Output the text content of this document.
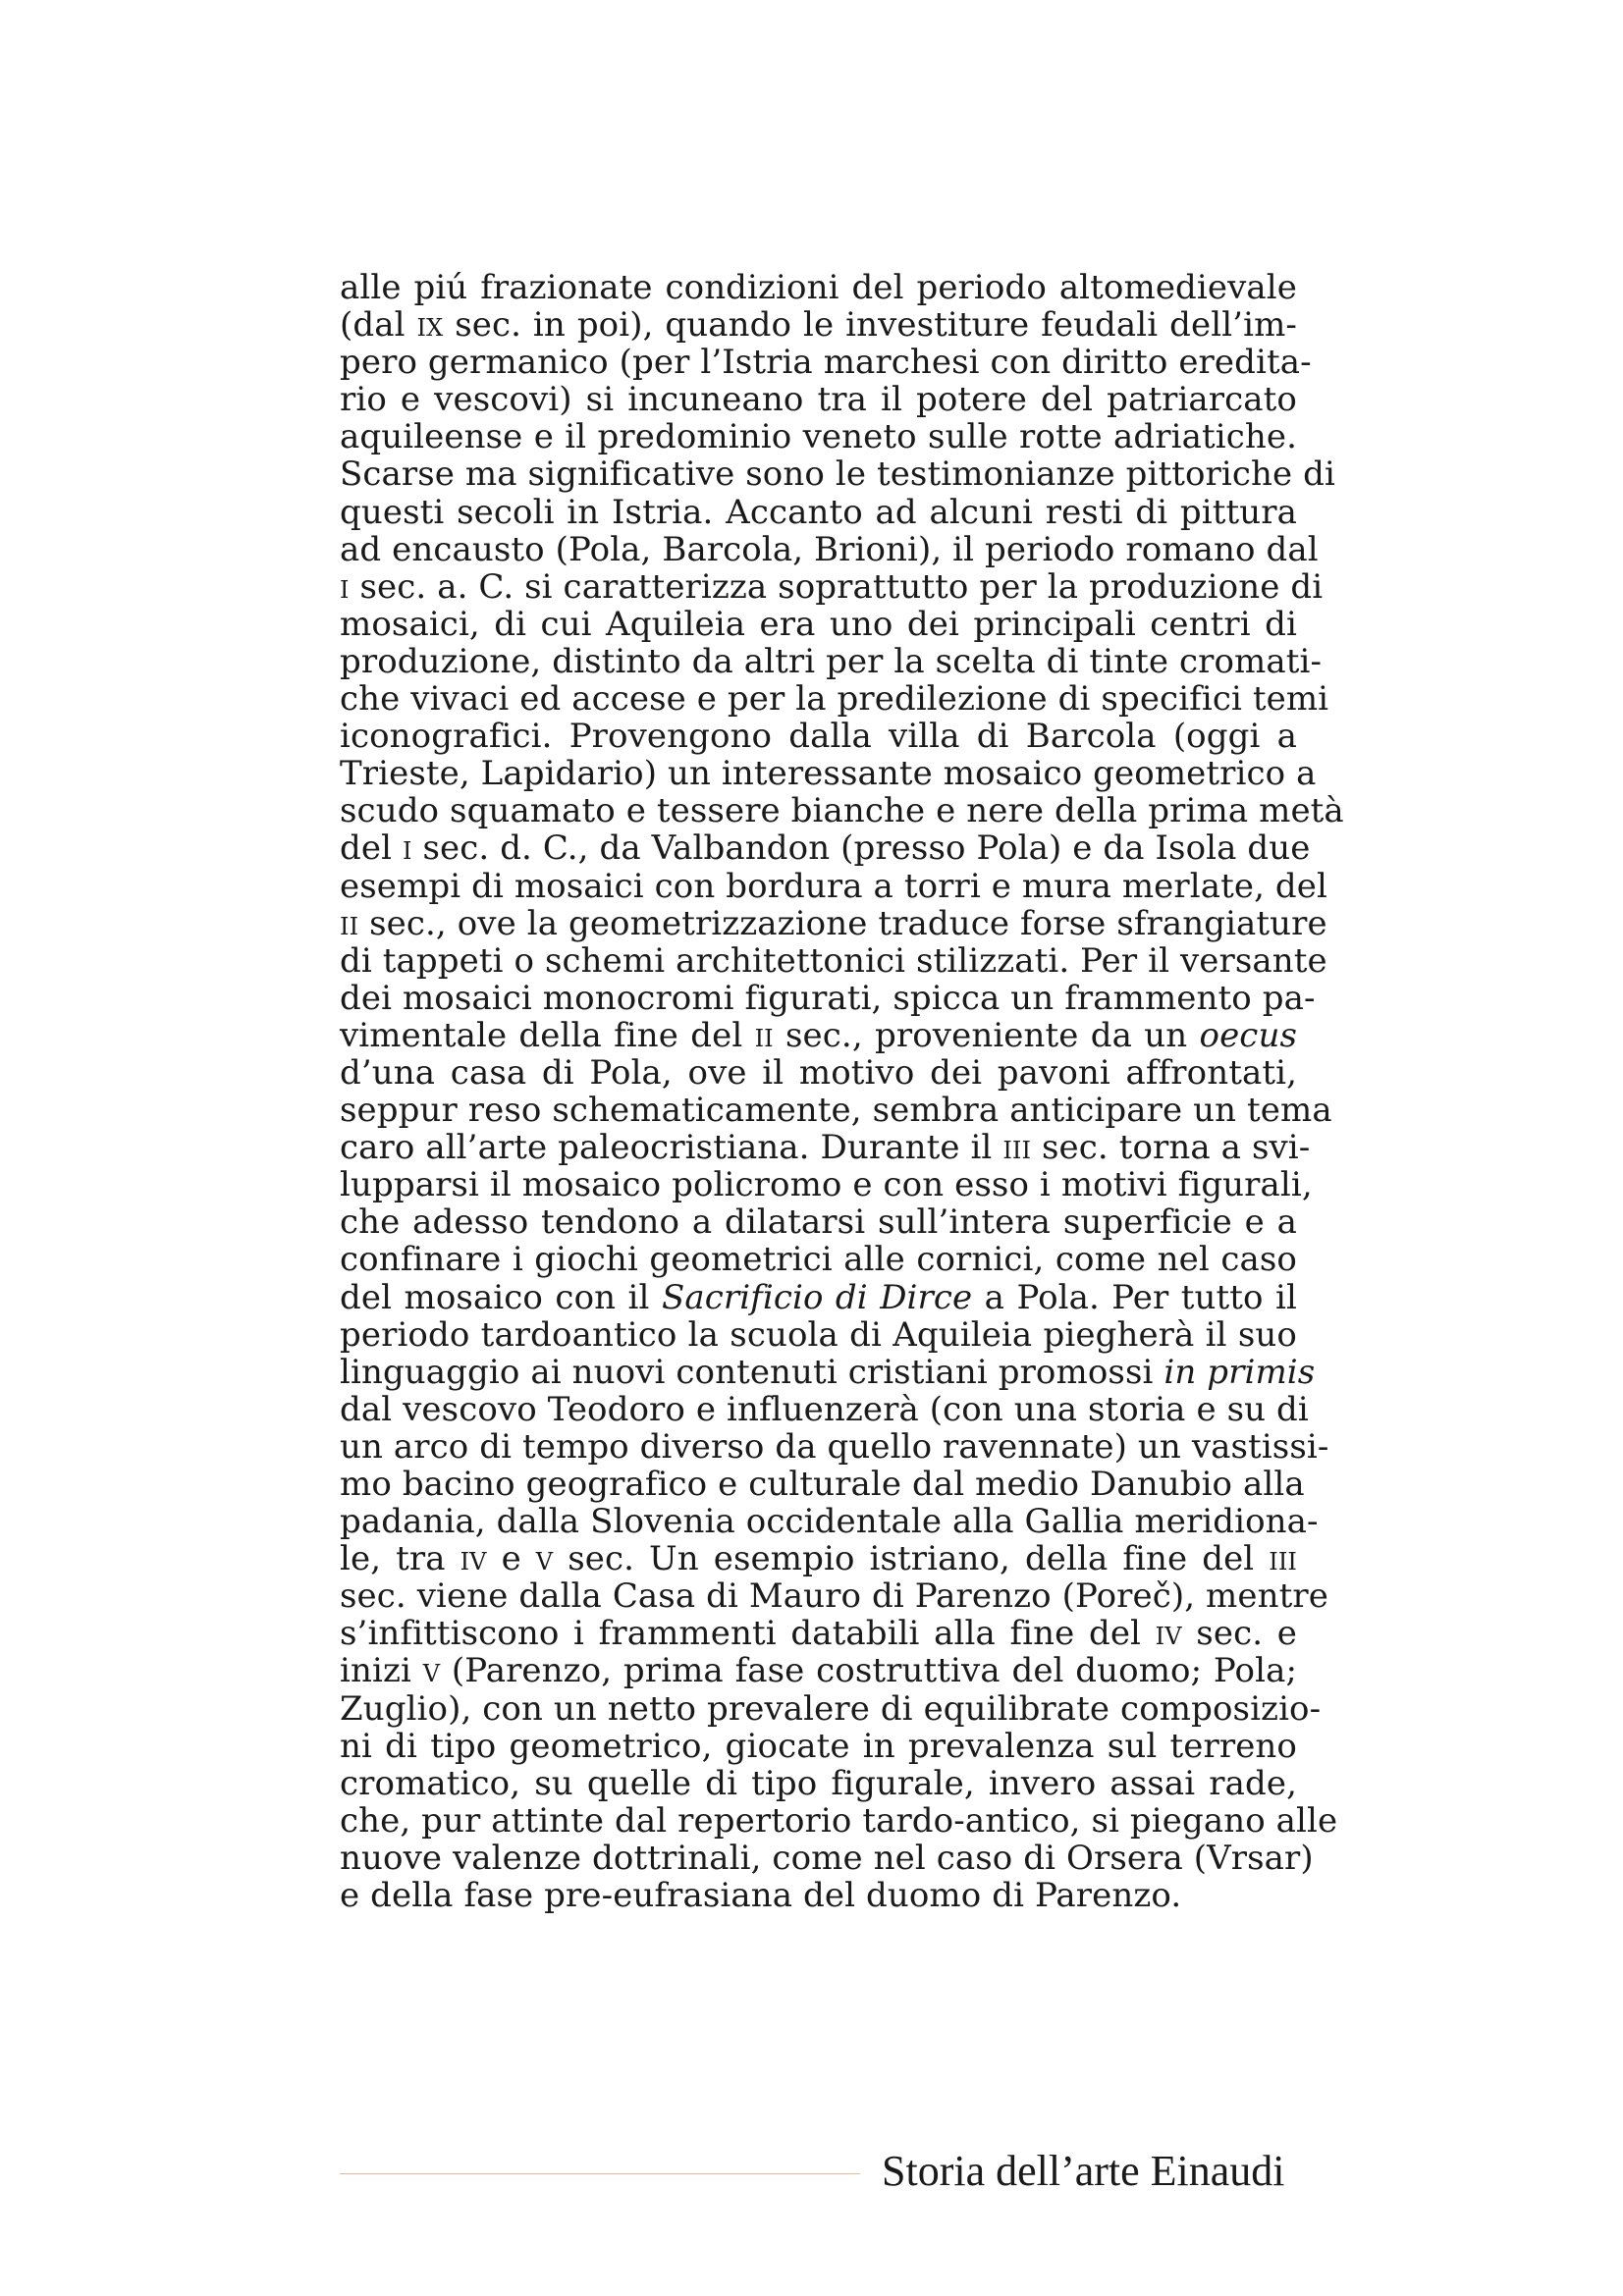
alle piú frazionate condizioni del periodo altomedievale
(dal ix sec. in poi), quando le investiture feudali dell’im-
pero germanico (per l’Istria marchesi con diritto eredita-
rio e vescovi) si incuneano tra il potere del patriarcato
aquileense e il predominio veneto sulle rotte adriatiche.
Scarse ma significative sono le testimonianze pittoriche di
questi secoli in Istria. Accanto ad alcuni resti di pittura
ad encausto (Pola, Barcola, Brioni), il periodo romano dal
i sec. a. C. si caratterizza soprattutto per la produzione di
mosaici, di cui Aquileia era uno dei principali centri di
produzione, distinto da altri per la scelta di tinte cromati-
che vivaci ed accese e per la predilezione di specifici temi
iconografici. Provengono dalla villa di Barcola (oggi a
Trieste, Lapidario) un interessante mosaico geometrico a
scudo squamato e tessere bianche e nere della prima metà
del i sec. d. C., da Valbandon (presso Pola) e da Isola due
esempi di mosaici con bordura a torri e mura merlate, del
ii sec., ove la geometrizzazione traduce forse sfrangiature
di tappeti o schemi architettonici stilizzati. Per il versante
dei mosaici monocromi figurati, spicca un frammento pa-
vimentale della fine del ii sec., proveniente da un oecus
d’una casa di Pola, ove il motivo dei pavoni affrontati,
seppur reso schematicamente, sembra anticipare un tema
caro all’arte paleocristiana. Durante il iii sec. torna a svi-
lupparsi il mosaico policromo e con esso i motivi figurali,
che adesso tendono a dilatarsi sull’intera superficie e a
confinare i giochi geometrici alle cornici, come nel caso
del mosaico con il Sacrificio di Dirce a Pola. Per tutto il
periodo tardoantico la scuola di Aquileia piegherà il suo
linguaggio ai nuovi contenuti cristiani promossi in primis
dal vescovo Teodoro e influenzerà (con una storia e su di
un arco di tempo diverso da quello ravennate) un vastissi-
mo bacino geografico e culturale dal medio Danubio alla
padania, dalla Slovenia occidentale alla Gallia meridiona-
le, tra iv e v sec. Un esempio istriano, della fine del iii
sec. viene dalla Casa di Mauro di Parenzo (Poreč), mentre
s’infittiscono i frammenti databili alla fine del iv sec. e
inizi v (Parenzo, prima fase costruttiva del duomo; Pola;
Zuglio), con un netto prevalere di equilibrate composizio-
ni di tipo geometrico, giocate in prevalenza sul terreno
cromatico, su quelle di tipo figurale, invero assai rade,
che, pur attinte dal repertorio tardo-antico, si piegano alle
nuove valenze dottrinali, come nel caso di Orsera (Vrsar)
e della fase pre-eufrasiana del duomo di Parenzo.
Storia dell’arte Einaudi
